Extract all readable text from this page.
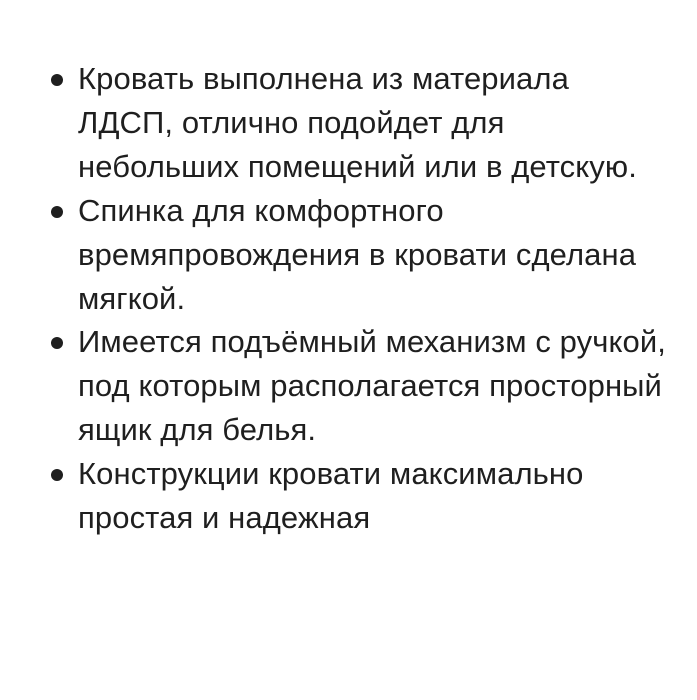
Кровать выполнена из материала ЛДСП, отлично подойдет для небольших помещений или в детскую.
Спинка для комфортного времяпровождения в кровати сделана мягкой.
Имеется подъёмный механизм с ручкой, под которым располагается просторный ящик для белья.
Конструкции кровати максимально простая и надежная
